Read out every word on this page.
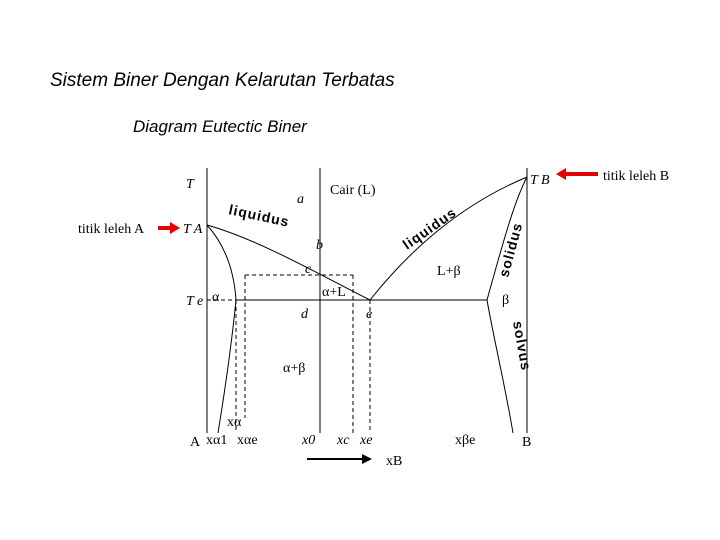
Sistem Biner Dengan Kelarutan Terbatas
Diagram Eutectic Biner
T
T A
T e
T B
titik leleh A
titik leleh B
a
Cair (L)
b
c
d	e
α	β
α+L
L+β
α+β
liquidus	liquidus	solidus
solvus
A	B
xα
xα1 xαe	x0 xc xe	xβe
xB
